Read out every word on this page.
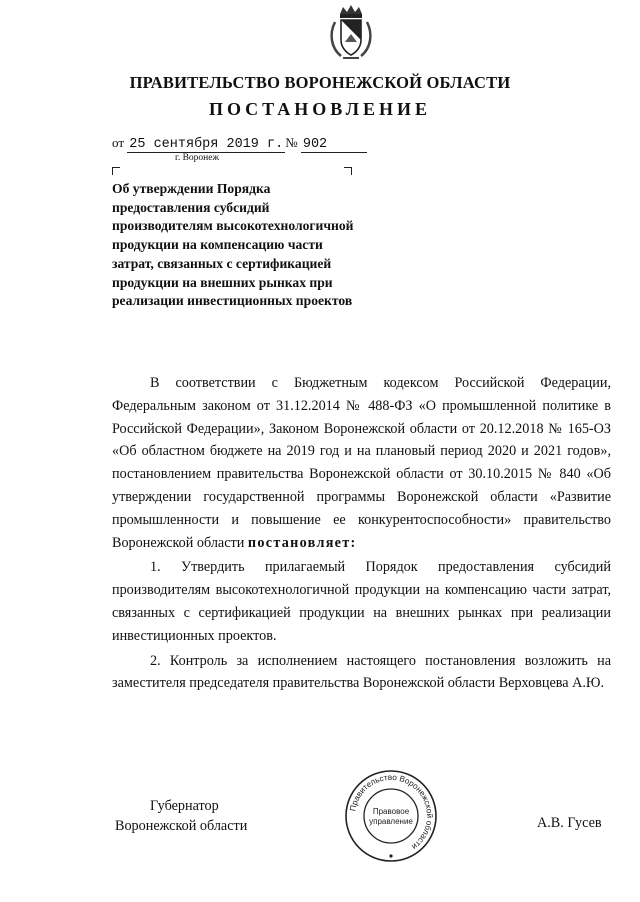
ПРАВИТЕЛЬСТВО ВОРОНЕЖСКОЙ ОБЛАСТИ
ПОСТАНОВЛЕНИЕ
от 25 сентября 2019 г. № 902
г. Воронеж
Об утверждении Порядка предоставления субсидий производителям высокотехнологичной продукции на компенсацию части затрат, связанных с сертификацией продукции на внешних рынках при реализации инвестиционных проектов

В соответствии с Бюджетным кодексом Российской Федерации, Федеральным законом от 31.12.2014 № 488-ФЗ «О промышленной политике в Российской Федерации», Законом Воронежской области от 20.12.2018 № 165-ОЗ «Об областном бюджете на 2019 год и на плановый период 2020 и 2021 годов», постановлением правительства Воронежской области от 30.10.2015 № 840 «Об утверждении государственной программы Воронежской области «Развитие промышленности и повышение ее конкурентоспособности» правительство Воронежской области постановляет:

1. Утвердить прилагаемый Порядок предоставления субсидий производителям высокотехнологичной продукции на компенсацию части затрат, связанных с сертификацией продукции на внешних рынках при реализации инвестиционных проектов.

2. Контроль за исполнением настоящего постановления возложить на заместителя председателя правительства Воронежской области Верховцева А.Ю.

Губернатор
Воронежской области
Правительство Воронежской области
Правовое
управление	А.В. Гусев
